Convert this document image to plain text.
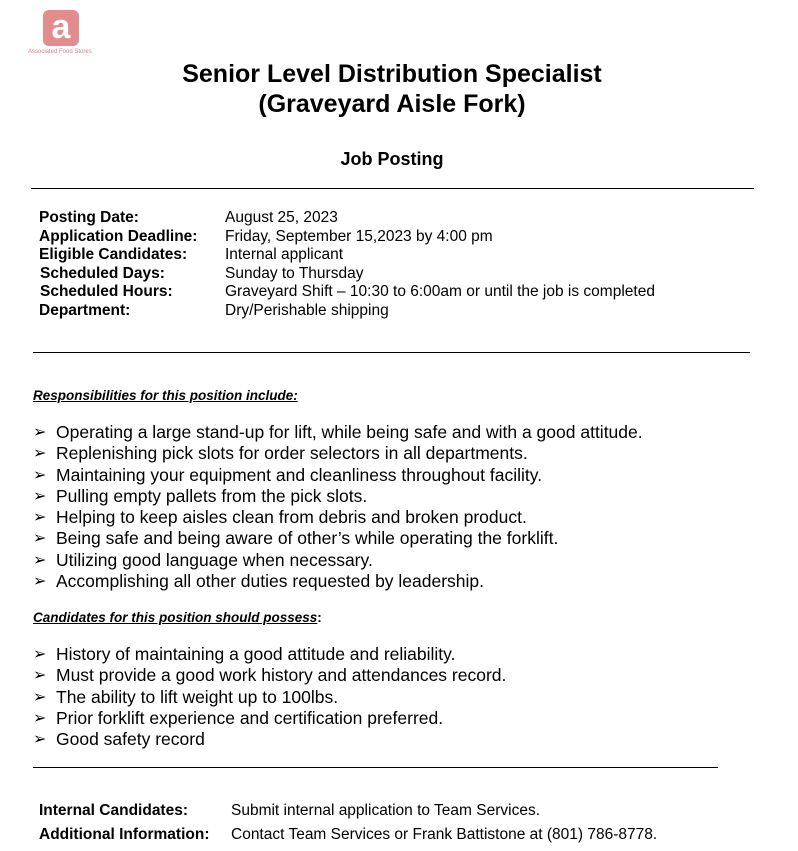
a
Associated Food Stores
Senior Level Distribution Specialist
(Graveyard Aisle Fork)
Job Posting
Posting Date:	August 25, 2023
Application Deadline: Friday, September 15,2023 by 4:00 pm
Eligible Candidates: Internal applicant
Scheduled Days:	Sunday to Thursday
Scheduled Hours:	Graveyard Shift – 10:30 to 6:00am or until the job is completed
Department:	Dry/Perishable shipping
Responsibilities for this position include:
➢ Operating a large stand-up for lift, while being safe and with a good attitude.
➢ Replenishing pick slots for order selectors in all departments.
➢ Maintaining your equipment and cleanliness throughout facility.
➢ Pulling empty pallets from the pick slots.
➢ Helping to keep aisles clean from debris and broken product.
➢ Being safe and being aware of other’s while operating the forklift.
➢ Utilizing good language when necessary.
➢ Accomplishing all other duties requested by leadership.
Candidates for this position should possess:
➢ History of maintaining a good attitude and reliability.
➢ Must provide a good work history and attendances record.
➢ The ability to lift weight up to 100lbs.
➢ Prior forklift experience and certification preferred.
➢ Good safety record
Internal Candidates:	Submit internal application to Team Services.
Additional Information: Contact Team Services or Frank Battistone at (801) 786-8778.
